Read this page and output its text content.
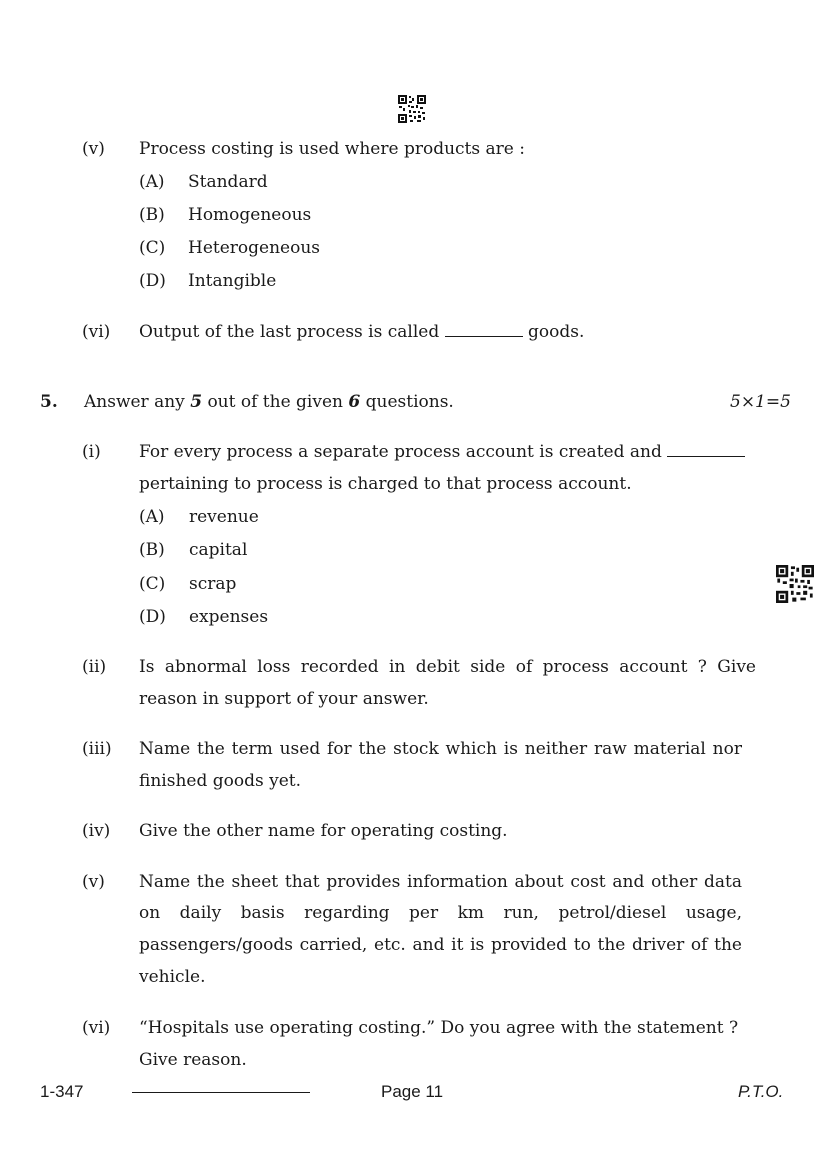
(v) Process costing is used where products are :
(A) Standard
(B) Homogeneous
(C) Heterogeneous
(D) Intangible
(vi) Output of the last process is called	goods.
5. Answer any 5 out of the given 6 questions.	5×1=5
(i) For every process a separate process account is created and
pertaining to process is charged to that process account.
(A) revenue
(B) capital
(C) scrap
(D) expenses
(ii) Is abnormal loss recorded in debit side of process account ? Give
reason in support of your answer.
(iii) Name the term used for the stock which is neither raw material nor
finished goods yet.
(iv) Give the other name for operating costing.
(v) Name the sheet that provides information about cost and other data
on daily basis regarding per km run, petrol/diesel usage,
passengers/goods carried, etc. and it is provided to the driver of the
vehicle.
(vi) “Hospitals use operating costing.” Do you agree with the statement ?
Give reason.
1-347	Page 11	P.T.O.
